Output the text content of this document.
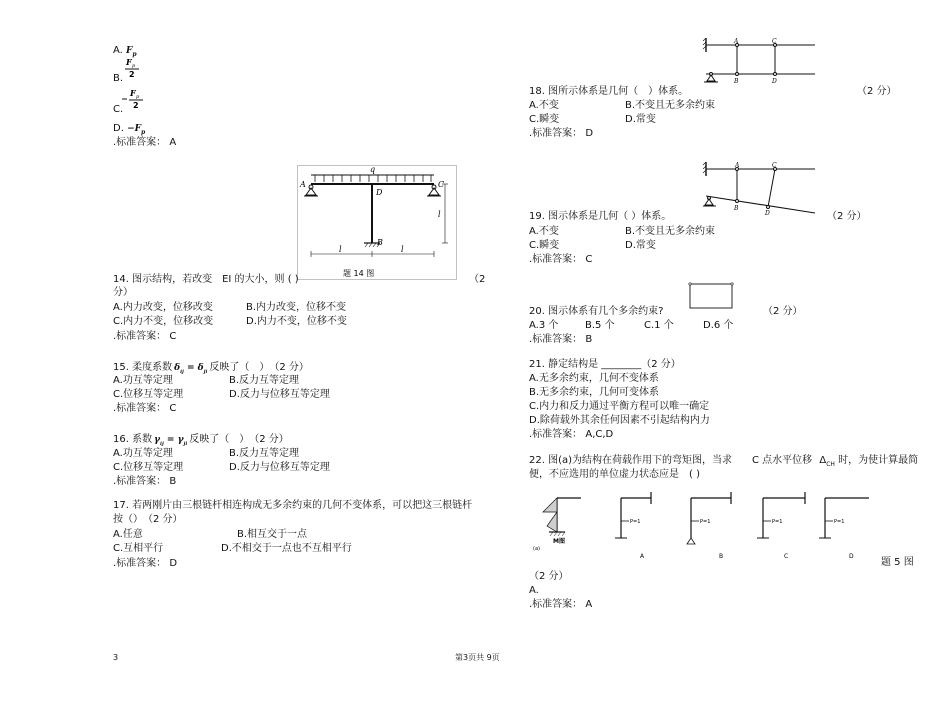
A. $F_p$
B.
F p
2
C.
F p
2
D. $-F_p$
.标准答案： A
q
A	C
D
B
l	l
l
题 14 图
14. 图示结构，若改变　EI 的大小，则 ( )	（2
分）
A.内力改变，位移改变	B.内力改变，位移不变
C.内力不变，位移改变	D.内力不变，位移不变
.标准答案： C
15. 柔度系数 $\delta_{ij} = \delta_{ji}$ 反映了（　）　（2 分）
A.功互等定理	B.反力互等定理
C.位移互等定理	D.反力与位移互等定理
.标准答案： C
16. 系数 $\gamma_{ij} = \gamma_{ji}$ 反映了（　）　（2 分）
A.功互等定理	B.反力互等定理
C.位移互等定理	D.反力与位移互等定理
.标准答案： B
17. 若两刚片由三根链杆相连构成无多余约束的几何不变体系，可以把这三根链杆
按（）　（2 分）
A.任意	B.相互交于一点
C.互相平行	D.不相交于一点也不互相平行
.标准答案： D
A	C
B	D
18. 图所示体系是几何（　）体系。	（2 分）
A.不变	B.不变且无多余约束
C.瞬变	D.常变
.标准答案： D
A	C
B
D
19. 图示体系是几何（ ）体系。	（2 分）
A.不变	B.不变且无多余约束
C.瞬变	D.常变
.标准答案： C
20. 图示体系有几个多余约束?	（2 分）
A.3 个	B.5 个	C.1 个	D.6 个
.标准答案： B
21. 静定结构是 ________（2 分）
A.无多余约束，几何不变体系
B.无多余约束，几何可变体系
C.内力和反力通过平衡方程可以唯一确定
D.除荷载外其余任何因素不引起结构内力
.标准答案： A,C,D
22. 图(a)为结构在荷载作用下的弯矩图，当求　　C 点水平位移 $\Delta_{CH}$ 时，为使计算最简
便，不应选用的单位虚力状态应是　( )
M图
(a)
P=1
A
P=1
B
P=1
C
P=1
D
题 5 图
（2 分）
A.
.标准答案： A
3	第3页共 9页
